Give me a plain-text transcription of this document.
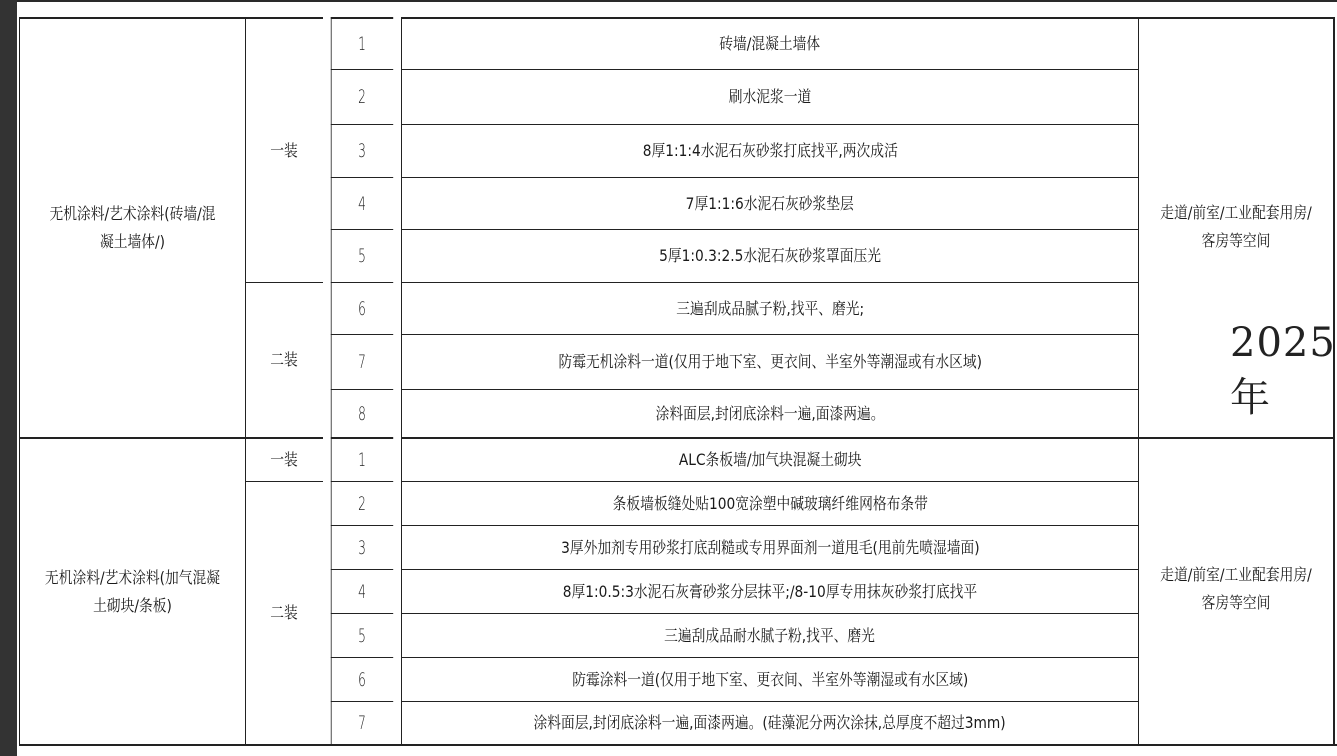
无机涂料/艺术涂料(砖墙/混凝土墙体/)
一装
1	砖墙/混凝土墙体
2	刷水泥浆一道
3	8厚1:1:4水泥石灰砂浆打底找平,两次成活
4	7厚1:1:6水泥石灰砂浆垫层
5	5厚1:0.3:2.5水泥石灰砂浆罩面压光
二装
6	三遍刮成品腻子粉,找平、磨光;
7	防霉无机涂料一道(仅用于地下室、更衣间、半室外等潮湿或有水区域)
8	涂料面层,封闭底涂料一遍,面漆两遍。
走道/前室/工业配套用房/客房等空间
无机涂料/艺术涂料(加气混凝土砌块/条板)
一装	1	ALC条板墙/加气块混凝土砌块
二装
2	条板墙板缝处贴100宽涂塑中碱玻璃纤维网格布条带
3	3厚外加剂专用砂浆打底刮糙或专用界面剂一道甩毛(甩前先喷湿墙面)
4	8厚1:0.5:3水泥石灰膏砂浆分层抹平;/8-10厚专用抹灰砂浆打底找平
5	三遍刮成品耐水腻子粉,找平、磨光
6	防霉涂料一道(仅用于地下室、更衣间、半室外等潮湿或有水区域)
7	涂料面层,封闭底涂料一遍,面漆两遍。(硅藻泥分两次涂抹,总厚度不超过3mm)
走道/前室/工业配套用房/客房等空间
2025年
